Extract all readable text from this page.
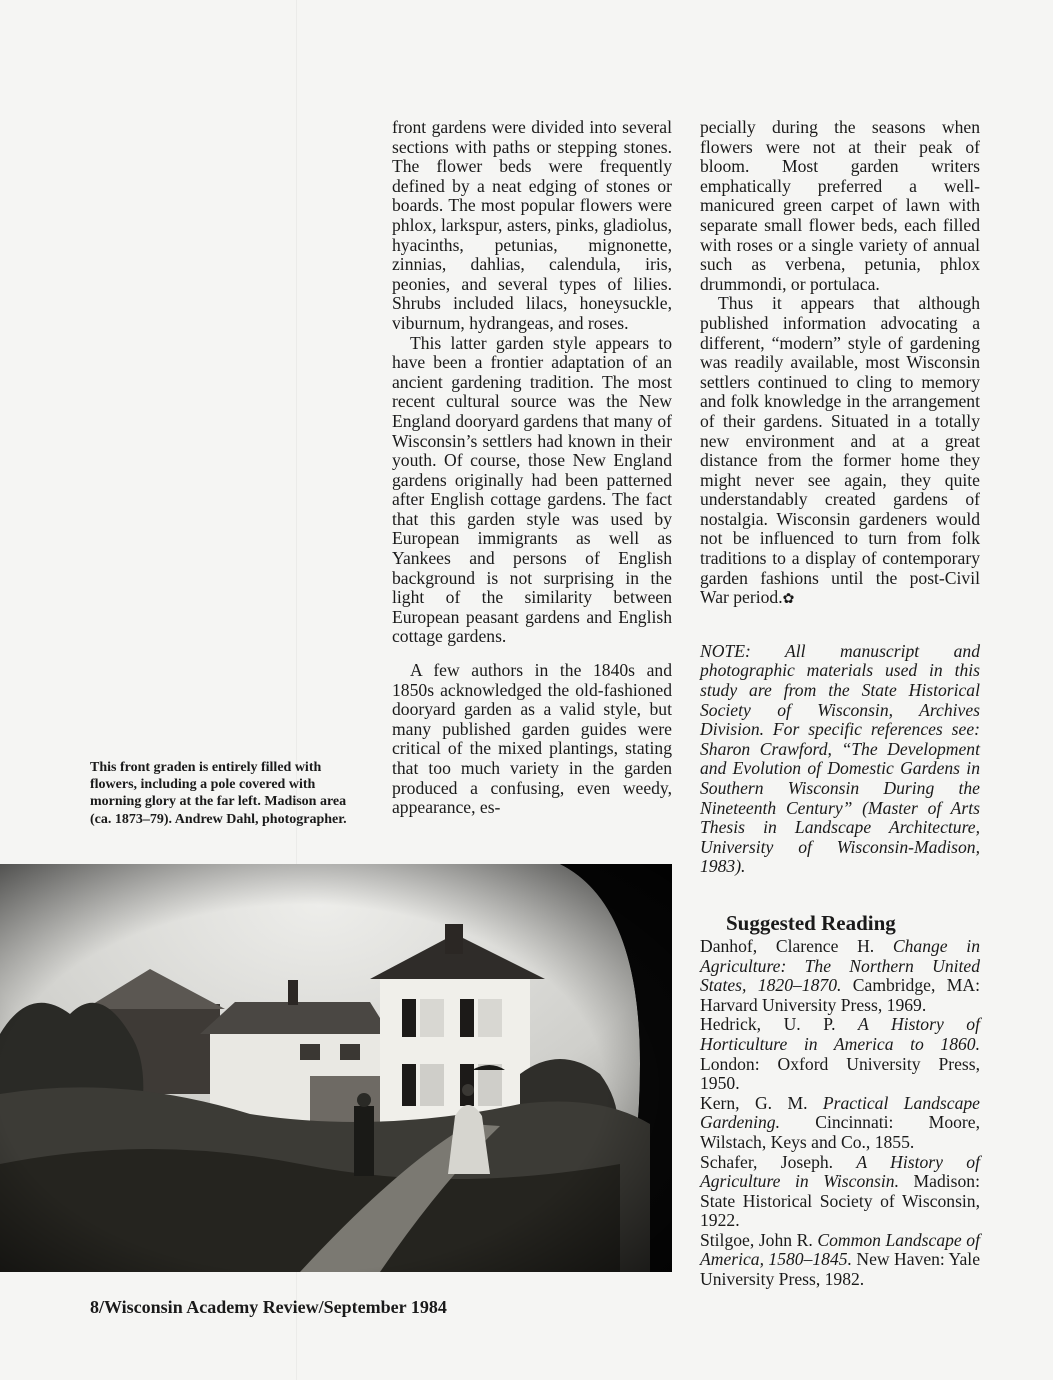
front gardens were divided into several sections with paths or stepping stones. The flower beds were frequently defined by a neat edging of stones or boards. The most popular flowers were phlox, larkspur, asters, pinks, gladiolus, hyacinths, petunias, mignonette, zinnias, dahlias, calendula, iris, peonies, and several types of lilies. Shrubs included lilacs, honeysuckle, viburnum, hydrangeas, and roses.

This latter garden style appears to have been a frontier adaptation of an ancient gardening tradition. The most recent cultural source was the New England dooryard gardens that many of Wisconsin’s settlers had known in their youth. Of course, those New England gardens originally had been patterned after English cottage gardens. The fact that this garden style was used by European immigrants as well as Yankees and persons of English background is not surprising in the light of the similarity between European peasant gardens and English cottage gardens.

A few authors in the 1840s and 1850s acknowledged the old-fashioned dooryard garden as a valid style, but many published garden guides were critical of the mixed plantings, stating that too much variety in the garden produced a confusing, even weedy, appearance, es-

pecially during the seasons when flowers were not at their peak of bloom. Most garden writers emphatically preferred a well-manicured green carpet of lawn with separate small flower beds, each filled with roses or a single variety of annual such as verbena, petunia, phlox drummondi, or portulaca.

Thus it appears that although published information advocating a different, “modern” style of gardening was readily available, most Wisconsin settlers continued to cling to memory and folk knowledge in the arrangement of their gardens. Situated in a totally new environment and at a great distance from the former home they might never see again, they quite understandably created gardens of nostalgia. Wisconsin gardeners would not be influenced to turn from folk traditions to a display of contemporary garden fashions until the post-Civil War period.✿

NOTE: All manuscript and photographic materials used in this study are from the State Historical Society of Wisconsin, Archives Division. For specific references see: Sharon Crawford, “The Development and Evolution of Domestic Gardens in Southern Wisconsin During the Nineteenth Century” (Master of Arts Thesis in Landscape Architecture, University of Wisconsin-Madison, 1983).

Suggested Reading

Danhof, Clarence H. Change in Agriculture: The Northern United States, 1820–1870. Cambridge, MA: Harvard University Press, 1969.

Hedrick, U. P. A History of Horticulture in America to 1860. London: Oxford University Press, 1950.

Kern, G. M. Practical Landscape Gardening. Cincinnati: Moore, Wilstach, Keys and Co., 1855.

Schafer, Joseph. A History of Agriculture in Wisconsin. Madison: State Historical Society of Wisconsin, 1922.

Stilgoe, John R. Common Landscape of America, 1580–1845. New Haven: Yale University Press, 1982.

This front graden is entirely filled with flowers, including a pole covered with morning glory at the far left. Madison area (ca. 1873–79). Andrew Dahl, photographer.
8/Wisconsin Academy Review/September 1984
